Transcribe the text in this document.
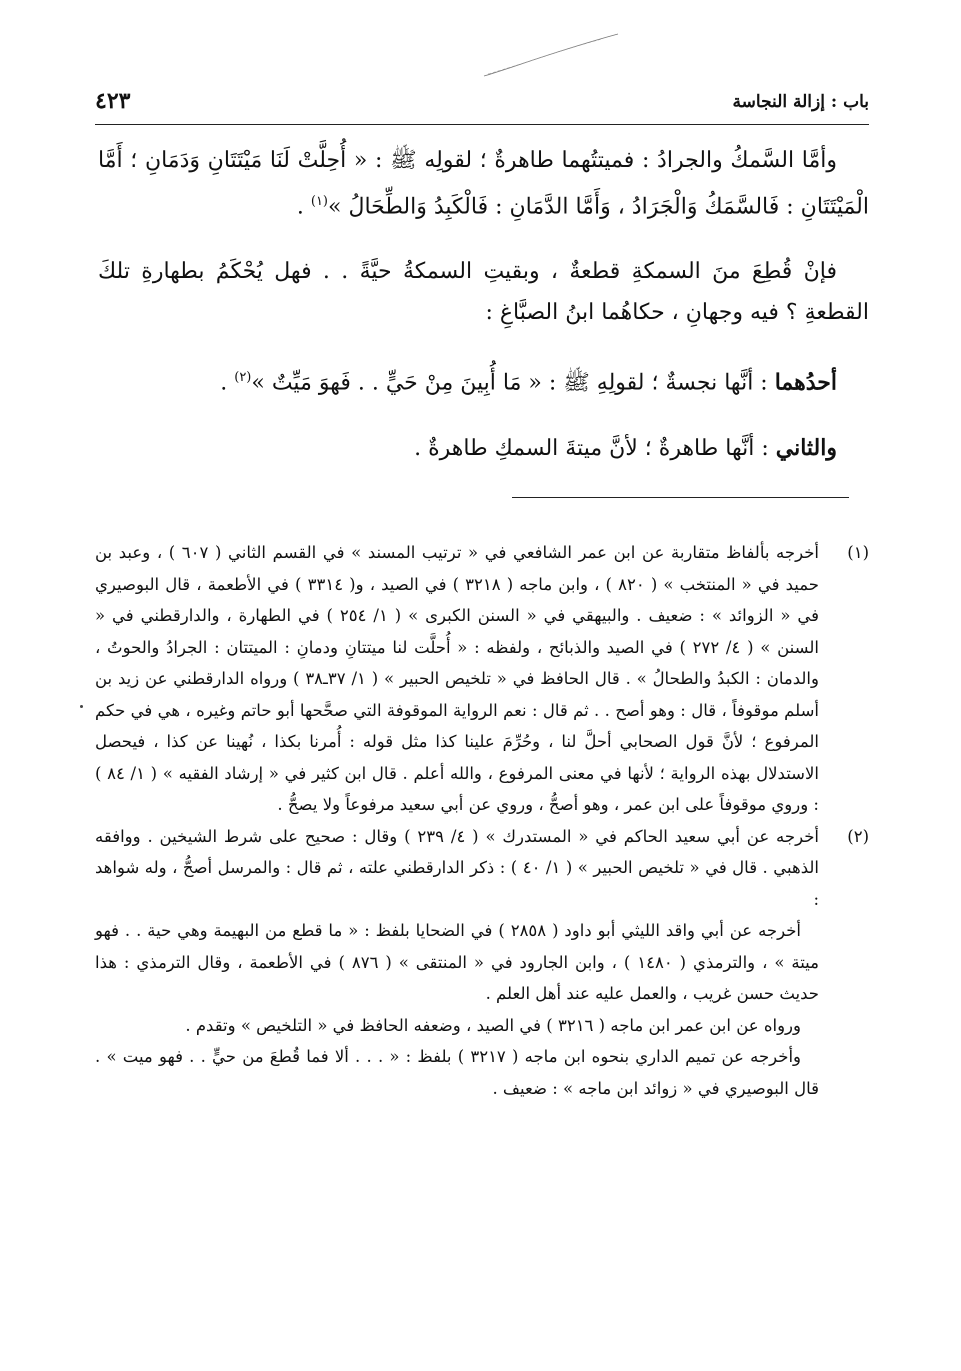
باب : إزالة النجاسة
٤٢٣

وأمَّا السَّمكُ والجرادُ : فميتتُهما طاهرةٌ ؛ لقولِه ﷺ : « أُحِلَّتْ لَنَا مَيْتَتَانِ وَدَمَانِ ؛ أَمَّا الْمَيْتَتَانِ : فَالسَّمَكُ وَالْجَرَادُ ، وَأَمَّا الدَّمَانِ : فَالْكَبِدُ وَالطِّحَالُ »$^{(١)}$ .

فإنْ قُطِعَ منَ السمكةِ قطعةٌ ، وبقيتِ السمكةُ حيَّةً . . فهل يُحْكَمُ بطهارةِ تلكَ القطعةِ ؟ فيه وجهانِ ، حكاهُما ابنُ الصبَّاغِ :

أحدُهما : أنَّها نجسةٌ ؛ لقولِهِ ﷺ : « مَا أُبِينَ مِنْ حَيٍّ . . فَهوَ مَيِّتٌ »$^{(٢)}$ .

والثاني : أنَّها طاهرةٌ ؛ لأنَّ ميتةَ السمكِ طاهرةٌ .

(١)

أخرجه بألفاظ متقاربة عن ابن عمر الشافعي في « ترتيب المسند » في القسم الثاني ( ٦٠٧ ) ، وعبد بن حميد في « المنتخب » ( ٨٢٠ ) ، وابن ماجه ( ٣٢١٨ ) في الصيد ، و( ٣٣١٤ ) في الأطعمة ، قال البوصيري في « الزوائد » : ضعيف . والبيهقي في « السنن الكبرى » ( ١/ ٢٥٤ ) في الطهارة ، والدارقطني في « السنن » ( ٤/ ٢٧٢ ) في الصيد والذبائح ، ولفظه : « أُحلَّت لنا ميتتانِ ودمانِ : الميتتان : الجرادُ والحوتُ ، والدمان : الكبدُ والطحالُ » . قال الحافظ في « تلخيص الحبير » ( ١/ ٣٧ـ٣٨ ) ورواه الدارقطني عن زيد بن أسلم موقوفاً ، قال : وهو أصح . . ثم قال : نعم الرواية الموقوفة التي صحَّحها أبو حاتم وغيره ، هي في حكم المرفوع ؛ لأنَّ قول الصحابي أحلَّ لنا ، وحُرِّمَ علينا كذا مثل قوله : أُمرنا بكذا ، نُهينا عن كذا ، فيحصل الاستدلال بهذه الرواية ؛ لأنها في معنى المرفوع ، والله أعلم . قال ابن كثير في « إرشاد الفقيه » ( ١/ ٨٤ ) : وروي موقوفاً على ابن عمر ، وهو أصحُّ ، وروي عن أبي سعيد مرفوعاً ولا يصحُّ .

(٢)

أخرجه عن أبي سعيد الحاكم في « المستدرك » ( ٤/ ٢٣٩ ) وقال : صحيح على شرط الشيخين . ووافقه الذهبي . قال في « تلخيص الحبير » ( ١/ ٤٠ ) : ذكر الدارقطني علته ، ثم قال : والمرسل أصحُّ ، وله شواهد :

أخرجه عن أبي واقد الليثي أبو داود ( ٢٨٥٨ ) في الضحايا بلفظ : « ما قطع من البهيمة وهي حية . . فهو ميتة » ، والترمذي ( ١٤٨٠ ) ، وابن الجارود في « المنتقى » ( ٨٧٦ ) في الأطعمة ، وقال الترمذي : هذا حديث حسن غريب ، والعمل عليه عند أهل العلم .

ورواه عن ابن عمر ابن ماجه ( ٣٢١٦ ) في الصيد ، وضعفه الحافظ في « التلخيص » وتقدم .

وأخرجه عن تميم الداري بنحوه ابن ماجه ( ٣٢١٧ ) بلفظ : « . . . ألا فما قُطعَ من حيٍّ . . فهو ميت » . قال البوصيري في « زوائد ابن ماجه » : ضعيف .
